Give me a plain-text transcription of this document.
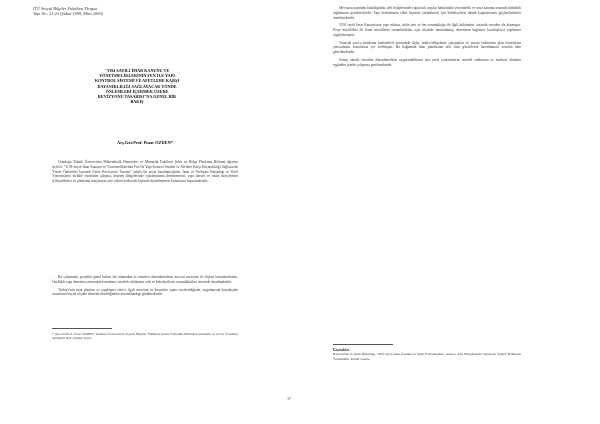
İTÜ Sosyal Bilgiler Fakültesi Dergisi
Yapı No: 21-22 (Şubat 1999, Mart 2000)
"3194 SAYILI İMAR KANUNU VE
YÖNETMELİKLERİNİN FEN İLE YAPI
KONTROL SİSTEMİ VE AFETLERE KARŞI
DAYANIKLILIĞI SAĞLAYACAK YÖNDE
ÖNLEMLERİ İÇERMEK ÜZERE
REVİZYONU TASARISI"NA GENEL BİR
BAKIŞ
Arş.Gör.Prof. Pınar ÖZDEN*

Ortadoğu Teknik Üniversitesi Mühendislik Hizmetleri ve Mimarlık Fakültesi Şehir ve Bölge Planlama Bölümü öğretim üyeleri, "3194 Sayılı İmar Kanunu ve Yönetmeliklerinin Fen İle Yapı Kontrol Sistemi ve Afetlere Karşı Dayanıklılığı Sağlayacak Yönde Önlemleri İçermek Üzere Revizyonu Tasarısı" adıyla bir proje hazırlamışlardır. İmar ve Yerleşme Bakanlığı ve Yerel Yönetimlerle birlikte yürütülen çalışma, deprem bölgelerinde yapılaşmanın denetlenmesi, yapı ruhsatı ve iskân süreçlerinin iyileştirilmesi ve planlama araçlarının afet riskini azaltacak biçimde düzenlenmesi konularını kapsamaktadır.

Bu çalışmada, projenin genel hatları ele alınmakta ve önerilen düzenlemelerin mevcut mevzuat ile ilişkisi tartışılmaktadır. Özellikle yapı denetimi sisteminin kurulması, meslek odalarının rolü ve belediyelerin sorumlulukları üzerinde durulmaktadır.

Türkiye'nin imar planları ve yapılaşma süreci, ilgili mevzuat ve kurumlar yapısı incelendiğinde, uygulamada karşılaşılan sorunların büyük ölçüde denetim eksikliğinden kaynaklandığı görülmektedir.

* Arş.Gör.Prof. Pınar ÖZDEN, İstanbul Üniversitesi Siyasal Bilgiler Fakültesi Kamu Yönetimi Bölümü Kentleşme ve Çevre Sorunları Anabilim Dalı öğretim üyesi.

Mevzuat açısından bakıldığında, afet bölgelerinde yapılacak yapılar hakkındaki yönetmelik ve imar kanunu arasında bütünlük sağlanması gerekmektedir. Yapı denetiminin etkin biçimde yürütülmesi için belediyelerin teknik kapasitesinin güçlendirilmesi önerilmektedir.

3194 sayılı İmar Kanunu'nun yapı ruhsatı, iskân izni ve fen sorumluluğu ile ilgili hükümleri, tasarıda yeniden ele alınmıştır. Proje müellifleri ile fenni mesullerin sorumlulukları açık biçimde tanımlanmış, denetimin bağımsız kuruluşlarca yapılması öngörülmüştür.

Tasarıda ayrıca planlama kademeleri arasındaki ilişki, mikro-bölgeleme çalışmaları ve zemin etütlerinin plan kararlarına yansıtılması konularına yer verilmiştir. Bu bağlamda imar planlarının afet riski gözetilerek hazırlanması zorunlu hale getirilmektedir.

Sonuç olarak, önerilen düzenlemelerin uygulanabilmesi için yerel yönetimlerin, meslek odalarının ve merkezi idarenin eşgüdüm içinde çalışması gerekmektedir.

Kaynaklar
Bayındırlık ve İskan Bakanlığı, 3194 Sayılı İmar Kanunu ve İlgili Yönetmelikler, Ankara. Afet Bölgelerinde Yapılacak Yapılar Hakkında Yönetmelik, Resmi Gazete.
17
